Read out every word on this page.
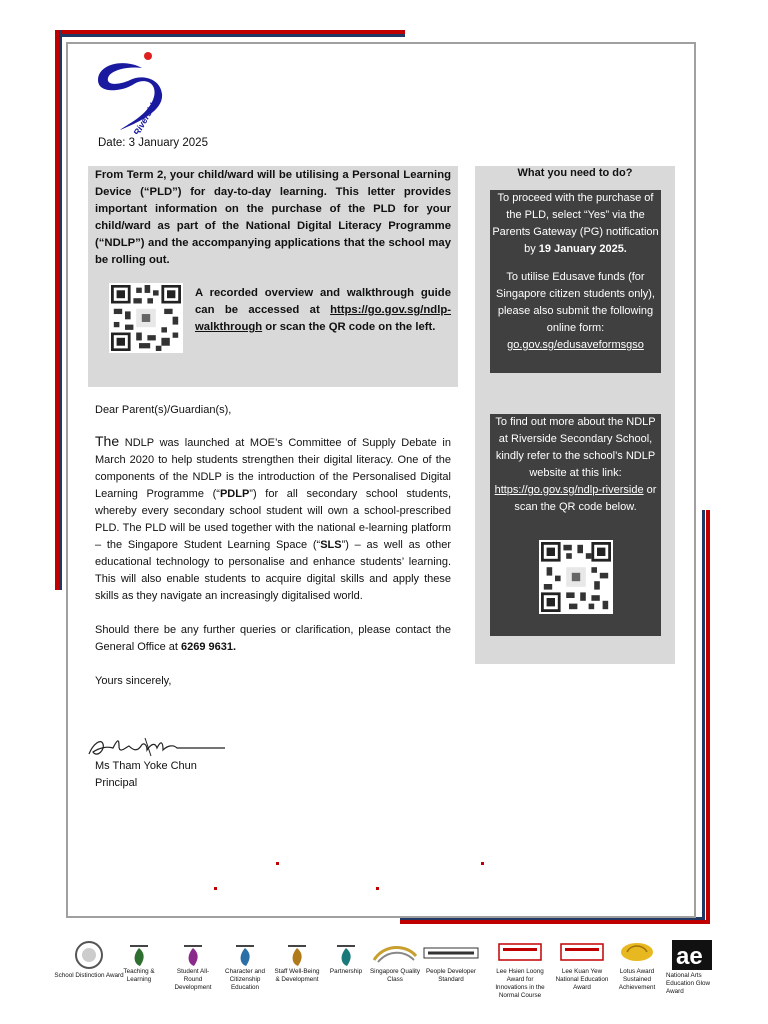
Riverside
Date: 3 January 2025

From Term 2, your child/ward will be utilising a Personal Learning Device (“PLD”) for day-to-day learning. This letter provides important information on the purchase of the PLD for your child/ward as part of the National Digital Literacy Programme (“NDLP”) and the accompanying applications that the school may be rolling out.

A recorded overview and walkthrough guide can be accessed at https://go.gov.sg/ndlp-walkthrough or scan the QR code on the left.

What you need to do?

To proceed with the purchase of the PLD, select “Yes” via the Parents Gateway (PG) notification by 19 January 2025.

To utilise Edusave funds (for Singapore citizen students only), please also submit the following online form:

go.gov.sg/edusaveformsgso

To find out more about the NDLP at Riverside Secondary School, kindly refer to the school’s NDLP website at this link: https://go.gov.sg/ndlp-riverside or scan the QR code below.

Dear Parent(s)/Guardian(s),

The NDLP was launched at MOE’s Committee of Supply Debate in March 2020 to help students strengthen their digital literacy. One of the components of the NDLP is the introduction of the Personalised Digital Learning Programme (“PDLP”) for all secondary school students, whereby every secondary school student will own a school-prescribed PLD. The PLD will be used together with the national e-learning platform – the Singapore Student Learning Space (“SLS”) – as well as other educational technology to personalise and enhance students’ learning. This will also enable students to acquire digital skills and apply these skills as they navigate an increasingly digitalised world.

Should there be any further queries or clarification, please contact the General Office at 6269 9631.

Yours sincerely,

Ms Tham Yoke Chun
Principal
School Distinction Award
Teaching & Learning
Student All-Round Development
Character and Citizenship Education
Staff Well-Being & Development
Partnership	Singapore Quality Class
People Developer Standard
Lee Hsien Loong Award for Innovations in the Normal Course
Lee Kuan Yew National Education Award
Lotus Award Sustained Achievement
ae
National Arts Education Glow Award
